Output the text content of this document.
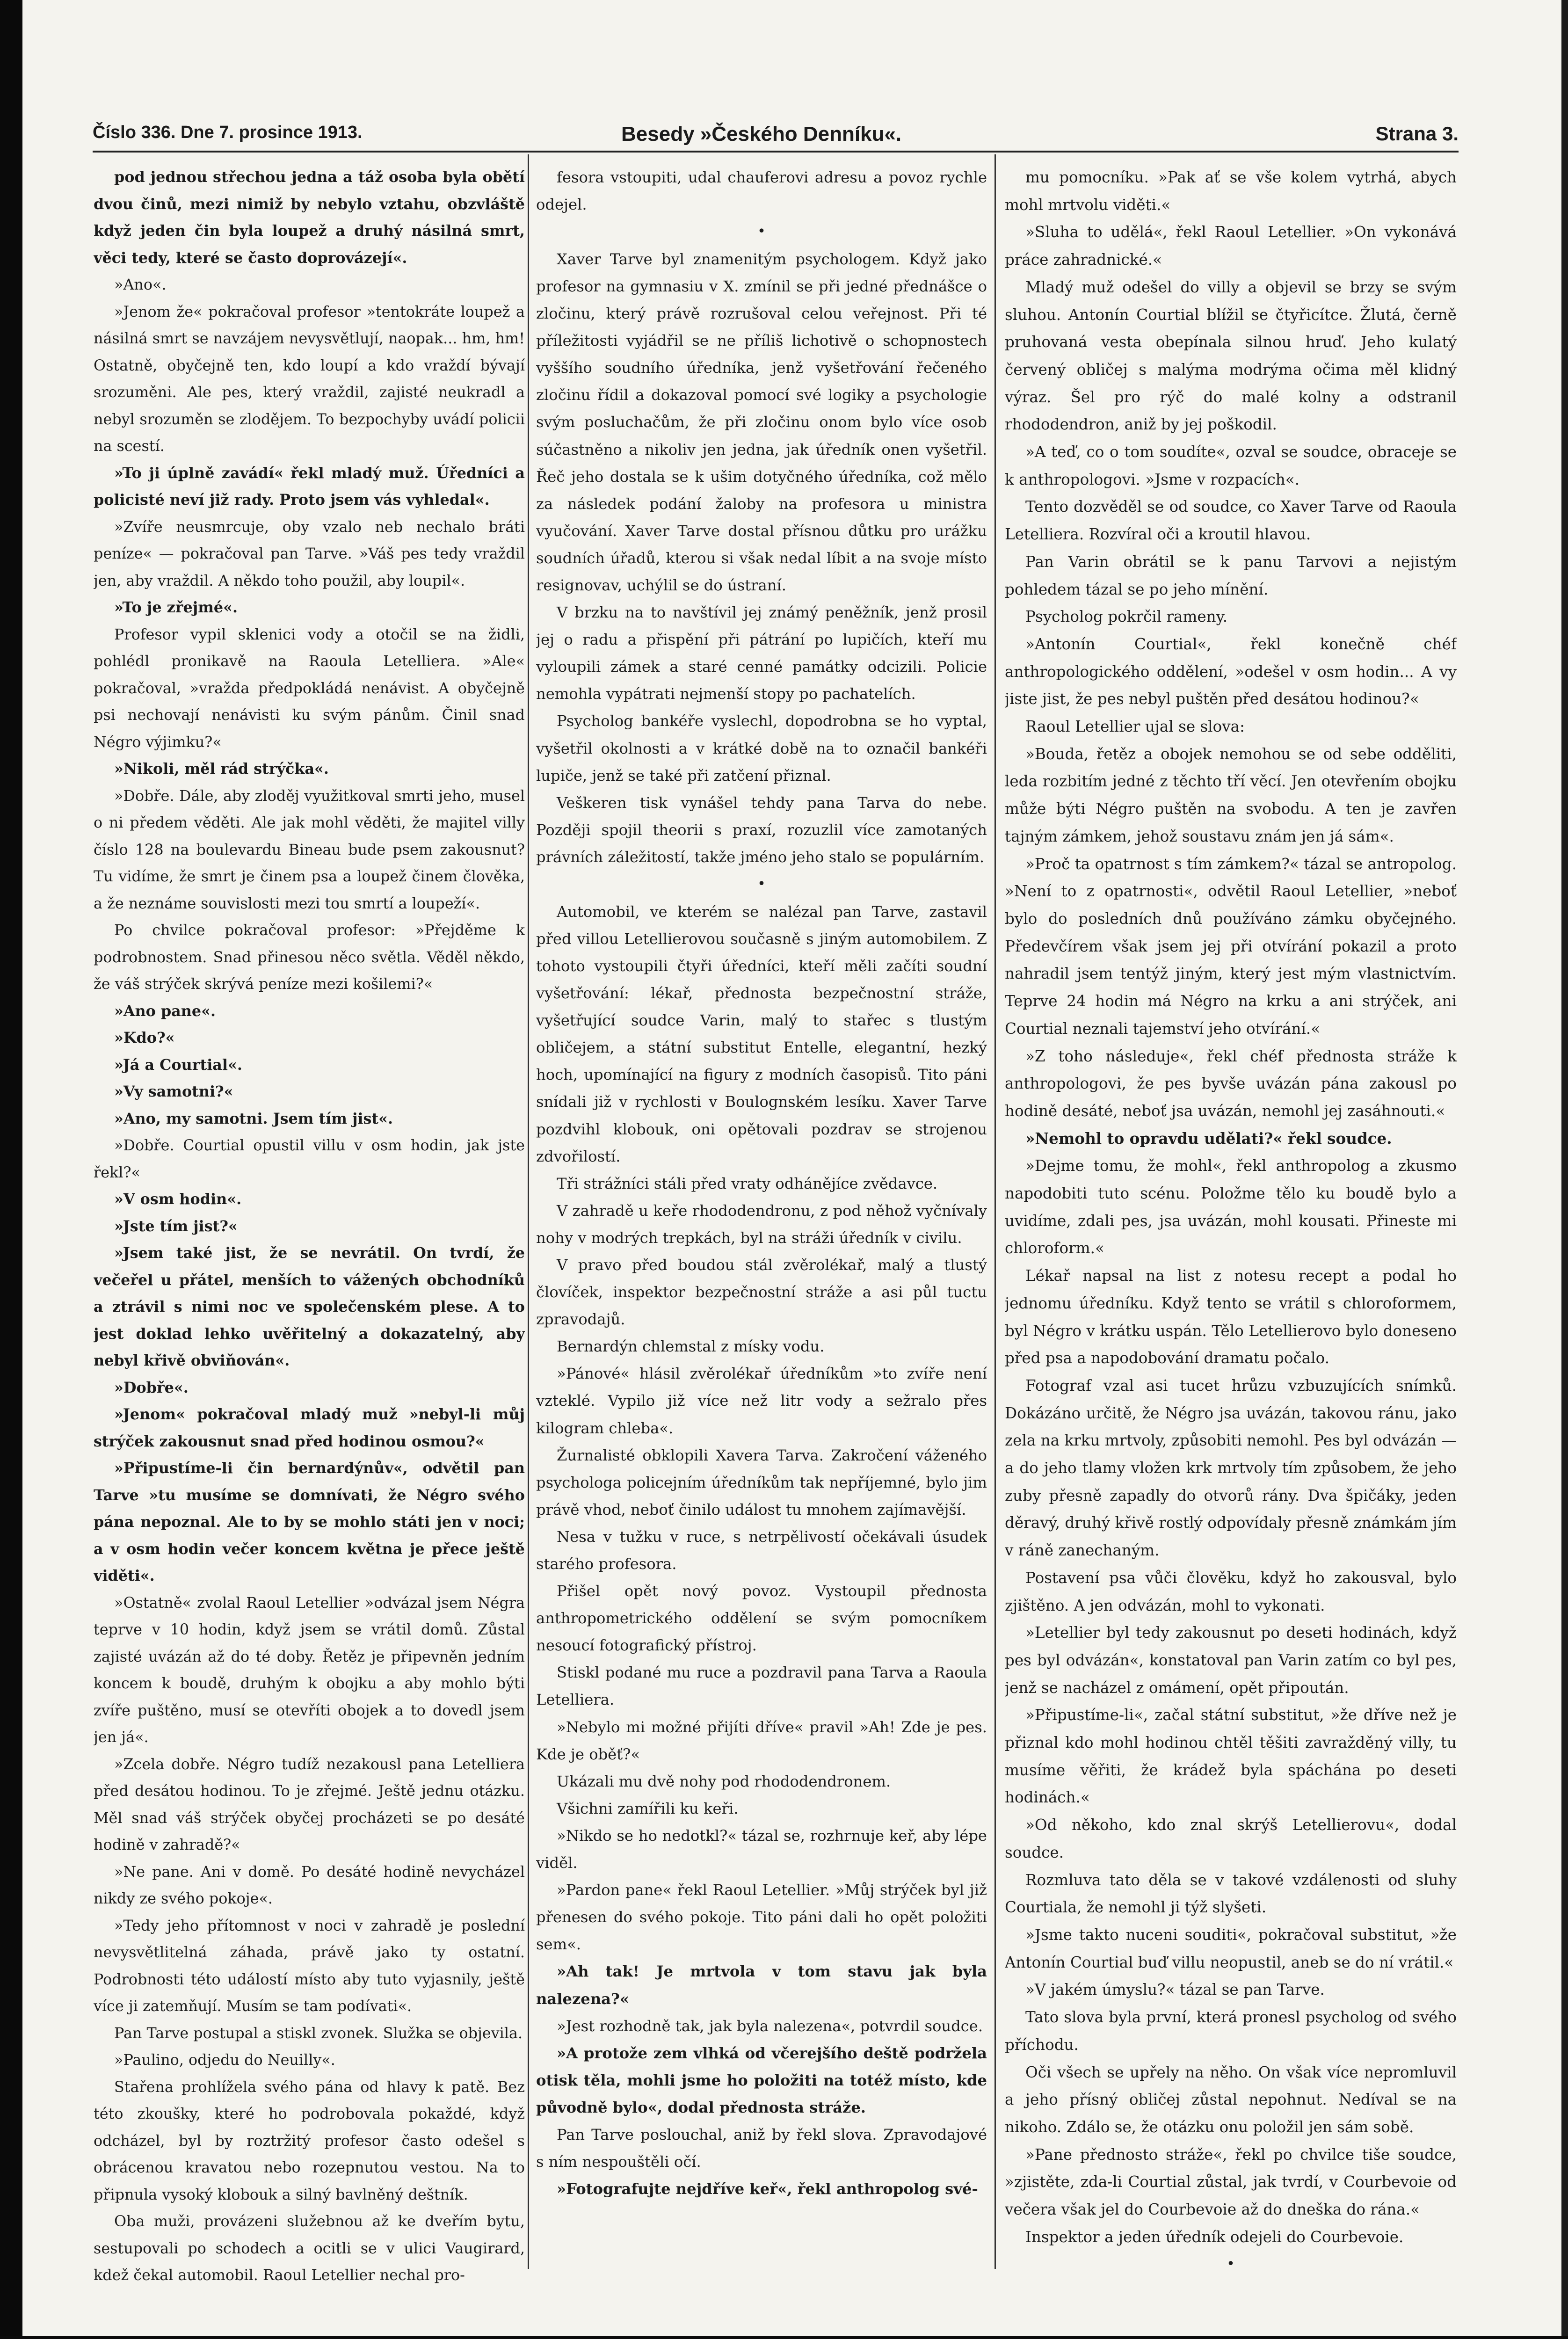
Číslo 336. Dne 7. prosince 1913.	Besedy »Českého Denníku«.	Strana 3.

pod jednou střechou jedna a táž osoba byla obětí dvou činů, mezi nimiž by nebylo vztahu, obzvláště když jeden čin byla loupež a druhý násilná smrt, věci tedy, které se často doprovázejí«.

»Ano«.

»Jenom že« pokračoval profesor »tentokráte loupež a násilná smrt se navzájem nevysvětlují, naopak... hm, hm! Ostatně, obyčejně ten, kdo loupí a kdo vraždí bývají srozuměni. Ale pes, který vraždil, zajisté neukradl a nebyl srozuměn se zlodějem. To bezpochyby uvádí policii na scestí.

»To ji úplně zavádí« řekl mladý muž. Úředníci a policisté neví již rady. Proto jsem vás vyhledal«.

»Zvíře neusmrcuje, oby vzalo neb nechalo bráti peníze« — pokračoval pan Tarve. »Váš pes tedy vraždil jen, aby vraždil. A někdo toho použil, aby loupil«.

»To je zřejmé«.

Profesor vypil sklenici vody a otočil se na židli, pohlédl pronikavě na Raoula Letelliera. »Ale« pokračoval, »vražda předpokládá nenávist. A obyčejně psi nechovají nenávisti ku svým pánům. Činil snad Négro výjimku?«

»Nikoli, měl rád strýčka«.

»Dobře. Dále, aby zloděj využitkoval smrti jeho, musel o ni předem věděti. Ale jak mohl věděti, že majitel villy číslo 128 na boulevardu Bineau bude psem zakousnut? Tu vidíme, že smrt je činem psa a loupež činem člověka, a že neznáme souvislosti mezi tou smrtí a loupeží«.

Po chvilce pokračoval profesor: »Přejděme k podrobnostem. Snad přinesou něco světla. Věděl někdo, že váš strýček skrývá peníze mezi košilemi?«

»Ano pane«.

»Kdo?«

»Já a Courtial«.

»Vy samotni?«

»Ano, my samotni. Jsem tím jist«.

»Dobře. Courtial opustil villu v osm hodin, jak jste řekl?«

»V osm hodin«.

»Jste tím jist?«

»Jsem také jist, že se nevrátil. On tvrdí, že večeřel u přátel, menších to vážených obchodníků a ztrávil s nimi noc ve společenském plese. A to jest doklad lehko uvěřitelný a dokazatelný, aby nebyl křivě obviňován«.

»Dobře«.

»Jenom« pokračoval mladý muž »nebyl-li můj strýček zakousnut snad před hodinou osmou?«

»Připustíme-li čin bernardýnův«, odvětil pan Tarve »tu musíme se domnívati, že Négro svého pána nepoznal. Ale to by se mohlo státi jen v noci; a v osm hodin večer koncem května je přece ještě viděti«.

»Ostatně« zvolal Raoul Letellier »odvázal jsem Négra teprve v 10 hodin, když jsem se vrátil domů. Zůstal zajisté uvázán až do té doby. Řetěz je připevněn jedním koncem k boudě, druhým k obojku a aby mohlo býti zvíře puštěno, musí se otevříti obojek a to dovedl jsem jen já«.

»Zcela dobře. Négro tudíž nezakousl pana Letelliera před desátou hodinou. To je zřejmé. Ještě jednu otázku. Měl snad váš strýček obyčej procházeti se po desáté hodině v zahradě?«

»Ne pane. Ani v domě. Po desáté hodině nevycházel nikdy ze svého pokoje«.

»Tedy jeho přítomnost v noci v zahradě je poslední nevysvětlitelná záhada, právě jako ty ostatní. Podrobnosti této událostí místo aby tuto vyjasnily, ještě více ji zatemňují. Musím se tam podívati«.

Pan Tarve postupal a stiskl zvonek. Služka se objevila.

»Paulino, odjedu do Neuilly«.

Stařena prohlížela svého pána od hlavy k patě. Bez této zkoušky, které ho podrobovala pokaždé, když odcházel, byl by roztržitý profesor často odešel s obrácenou kravatou nebo rozepnutou vestou. Na to připnula vysoký klobouk a silný bavlněný deštník.

Oba muži, provázeni služebnou až ke dveřím bytu, sestupovali po schodech a ocitli se v ulici Vaugirard, kdež čekal automobil. Raoul Letellier nechal pro-

fesora vstoupiti, udal chauferovi adresu a povoz rychle odejel.

•

Xaver Tarve byl znamenitým psychologem. Když jako profesor na gymnasiu v X. zmínil se při jedné přednášce o zločinu, který právě rozrušoval celou veřejnost. Při té příležitosti vyjádřil se ne příliš lichotivě o schopnostech vyššího soudního úředníka, jenž vyšetřování řečeného zločinu řídil a dokazoval pomocí své logiky a psychologie svým posluchačům, že při zločinu onom bylo více osob súčastněno a nikoliv jen jedna, jak úředník onen vyšetřil. Řeč jeho dostala se k ušim dotyčného úředníka, což mělo za následek podání žaloby na profesora u ministra vyučování. Xaver Tarve dostal přísnou důtku pro urážku soudních úřadů, kterou si však nedal líbit a na svoje místo resignovav, uchýlil se do ústraní.

V brzku na to navštívil jej známý peněžník, jenž prosil jej o radu a přispění při pátrání po lupičích, kteří mu vyloupili zámek a staré cenné památky odcizili. Policie nemohla vypátrati nejmenší stopy po pachatelích.

Psycholog bankéře vyslechl, dopodrobna se ho vyptal, vyšetřil okolnosti a v krátké době na to označil bankéři lupiče, jenž se také při zatčení přiznal.

Veškeren tisk vynášel tehdy pana Tarva do nebe. Později spojil theorii s praxí, rozuzlil více zamotaných právních záležitostí, takže jméno jeho stalo se populárním.

•

Automobil, ve kterém se nalézal pan Tarve, zastavil před villou Letellierovou současně s jiným automobilem. Z tohoto vystoupili čtyři úředníci, kteří měli začíti soudní vyšetřování: lékař, přednosta bezpečnostní stráže, vyšetřující soudce Varin, malý to stařec s tlustým obličejem, a státní substitut Entelle, elegantní, hezký hoch, upomínající na figury z modních časopisů. Tito páni snídali již v rychlosti v Boulognském lesíku. Xaver Tarve pozdvihl klobouk, oni opětovali pozdrav se strojenou zdvořilostí.

Tři strážníci stáli před vraty odhánějíce zvědavce.

V zahradě u keře rhododendronu, z pod něhož vyčnívaly nohy v modrých trepkách, byl na stráži úředník v civilu.

V pravo před boudou stál zvěrolékař, malý a tlustý človíček, inspektor bezpečnostní stráže a asi půl tuctu zpravodajů.

Bernardýn chlemstal z mísky vodu.

»Pánové« hlásil zvěrolékař úředníkům »to zvíře není vzteklé. Vypilo již více než litr vody a sežralo přes kilogram chleba«.

Žurnalisté obklopili Xavera Tarva. Zakročení váženého psychologa policejním úředníkům tak nepříjemné, bylo jim právě vhod, neboť činilo událost tu mnohem zajímavější.

Nesa v tužku v ruce, s netrpělivostí očekávali úsudek starého profesora.

Přišel opět nový povoz. Vystoupil přednosta anthropometrického oddělení se svým pomocníkem nesoucí fotografický přístroj.

Stiskl podané mu ruce a pozdravil pana Tarva a Raoula Letelliera.

»Nebylo mi možné přijíti dříve« pravil »Ah! Zde je pes. Kde je oběť?«

Ukázali mu dvě nohy pod rhododendronem.

Všichni zamířili ku keři.

»Nikdo se ho nedotkl?« tázal se, rozhrnuje keř, aby lépe viděl.

»Pardon pane« řekl Raoul Letellier. »Můj strýček byl již přenesen do svého pokoje. Tito páni dali ho opět položiti sem«.

»Ah tak! Je mrtvola v tom stavu jak byla nalezena?«

»Jest rozhodně tak, jak byla nalezena«, potvrdil soudce.

»A protože zem vlhká od včerejšího deště podržela otisk těla, mohli jsme ho položiti na totéž místo, kde původně bylo«, dodal přednosta stráže.

Pan Tarve poslouchal, aniž by řekl slova. Zpravodajové s ním nespouštěli očí.

»Fotografujte nejdříve keř«, řekl anthropolog své-

mu pomocníku. »Pak ať se vše kolem vytrhá, abych mohl mrtvolu viděti.«

»Sluha to udělá«, řekl Raoul Letellier. »On vykonává práce zahradnické.«

Mladý muž odešel do villy a objevil se brzy se svým sluhou. Antonín Courtial blížil se čtyřicítce. Žlutá, černě pruhovaná vesta obepínala silnou hruď. Jeho kulatý červený obličej s malýma modrýma očima měl klidný výraz. Šel pro rýč do malé kolny a odstranil rhododendron, aniž by jej poškodil.

»A teď, co o tom soudíte«, ozval se soudce, obraceje se k anthropologovi. »Jsme v rozpacích«.

Tento dozvěděl se od soudce, co Xaver Tarve od Raoula Letelliera. Rozvíral oči a kroutil hlavou.

Pan Varin obrátil se k panu Tarvovi a nejistým pohledem tázal se po jeho mínění.

Psycholog pokrčil rameny.

»Antonín Courtial«, řekl konečně chéf anthropologického oddělení, »odešel v osm hodin... A vy jiste jist, že pes nebyl puštěn před desátou hodinou?«

Raoul Letellier ujal se slova:

»Bouda, řetěz a obojek nemohou se od sebe odděliti, leda rozbitím jedné z těchto tří věcí. Jen otevřením obojku může býti Négro puštěn na svobodu. A ten je zavřen tajným zámkem, jehož soustavu znám jen já sám«.

»Proč ta opatrnost s tím zámkem?« tázal se antropolog. »Není to z opatrnosti«, odvětil Raoul Letellier, »neboť bylo do posledních dnů používáno zámku obyčejného. Předevčírem však jsem jej při otvírání pokazil a proto nahradil jsem tentýž jiným, který jest mým vlastnictvím. Teprve 24 hodin má Négro na krku a ani strýček, ani Courtial neznali tajemství jeho otvírání.«

»Z toho následuje«, řekl chéf přednosta stráže k anthropologovi, že pes byvše uvázán pána zakousl po hodině desáté, neboť jsa uvázán, nemohl jej zasáhnouti.«

»Nemohl to opravdu udělati?« řekl soudce.

»Dejme tomu, že mohl«, řekl anthropolog a zkusmo napodobiti tuto scénu. Položme tělo ku boudě bylo a uvidíme, zdali pes, jsa uvázán, mohl kousati. Přineste mi chloroform.«

Lékař napsal na list z notesu recept a podal ho jednomu úředníku. Když tento se vrátil s chloroformem, byl Négro v krátku uspán. Tělo Letellierovo bylo doneseno před psa a napodobování dramatu počalo.

Fotograf vzal asi tucet hrůzu vzbuzujících snímků. Dokázáno určitě, že Négro jsa uvázán, takovou ránu, jako zela na krku mrtvoly, způsobiti nemohl. Pes byl odvázán — a do jeho tlamy vložen krk mrtvoly tím způsobem, že jeho zuby přesně zapadly do otvorů rány. Dva špičáky, jeden děravý, druhý křivě rostlý odpovídaly přesně známkám jím v ráně zanechaným.

Postavení psa vůči člověku, když ho zakousval, bylo zjištěno. A jen odvázán, mohl to vykonati.

»Letellier byl tedy zakousnut po deseti hodinách, když pes byl odvázán«, konstatoval pan Varin zatím co byl pes, jenž se nacházel z omámení, opět připoután.

»Připustíme-li«, začal státní substitut, »že dříve než je přiznal kdo mohl hodinou chtěl těšiti zavražděný villy, tu musíme věřiti, že krádež byla spáchána po deseti hodinách.«

»Od někoho, kdo znal skrýš Letellierovu«, dodal soudce.

Rozmluva tato děla se v takové vzdálenosti od sluhy Courtiala, že nemohl ji týž slyšeti.

»Jsme takto nuceni souditi«, pokračoval substitut, »že Antonín Courtial buď villu neopustil, aneb se do ní vrátil.«

»V jakém úmyslu?« tázal se pan Tarve.

Tato slova byla první, která pronesl psycholog od svého příchodu.

Oči všech se upřely na něho. On však více nepromluvil a jeho přísný obličej zůstal nepohnut. Nedíval se na nikoho. Zdálo se, že otázku onu položil jen sám sobě.

»Pane přednosto stráže«, řekl po chvilce tiše soudce, »zjistěte, zda-li Courtial zůstal, jak tvrdí, v Courbevoie od večera však jel do Courbevoie až do dneška do rána.«

Inspektor a jeden úředník odejeli do Courbevoie.

•
